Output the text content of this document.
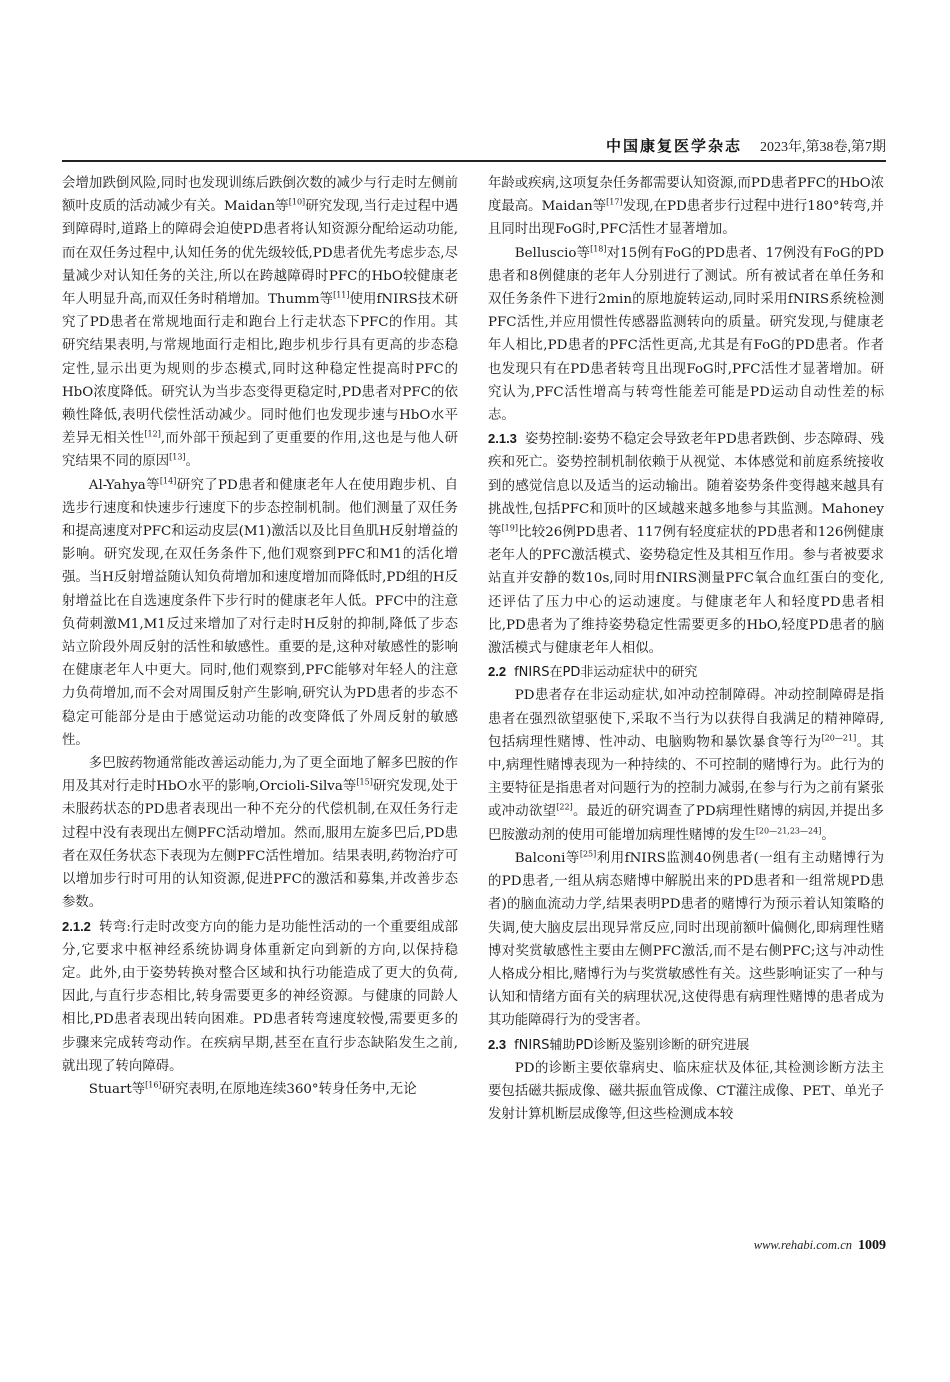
中国康复医学杂志 2023年,第38卷,第7期

会增加跌倒风险,同时也发现训练后跌倒次数的减少与行走时左侧前额叶皮质的活动减少有关。Maidan等[10]研究发现,当行走过程中遇到障碍时,道路上的障碍会迫使PD患者将认知资源分配给运动功能,而在双任务过程中,认知任务的优先级较低,PD患者优先考虑步态,尽量减少对认知任务的关注,所以在跨越障碍时PFC的HbO较健康老年人明显升高,而双任务时稍增加。Thumm等[11]使用fNIRS技术研究了PD患者在常规地面行走和跑台上行走状态下PFC的作用。其研究结果表明,与常规地面行走相比,跑步机步行具有更高的步态稳定性,显示出更为规则的步态模式,同时这种稳定性提高时PFC的HbO浓度降低。研究认为当步态变得更稳定时,PD患者对PFC的依赖性降低,表明代偿性活动减少。同时他们也发现步速与HbO水平差异无相关性[12],而外部干预起到了更重要的作用,这也是与他人研究结果不同的原因[13]。

Al-Yahya等[14]研究了PD患者和健康老年人在使用跑步机、自选步行速度和快速步行速度下的步态控制机制。他们测量了双任务和提高速度对PFC和运动皮层(M1)激活以及比目鱼肌H反射增益的影响。研究发现,在双任务条件下,他们观察到PFC和M1的活化增强。当H反射增益随认知负荷增加和速度增加而降低时,PD组的H反射增益比在自选速度条件下步行时的健康老年人低。PFC中的注意负荷刺激M1,M1反过来增加了对行走时H反射的抑制,降低了步态站立阶段外周反射的活性和敏感性。重要的是,这种对敏感性的影响在健康老年人中更大。同时,他们观察到,PFC能够对年轻人的注意力负荷增加,而不会对周围反射产生影响,研究认为PD患者的步态不稳定可能部分是由于感觉运动功能的改变降低了外周反射的敏感性。

多巴胺药物通常能改善运动能力,为了更全面地了解多巴胺的作用及其对行走时HbO水平的影响,Orcioli-Silva等[15]研究发现,处于未服药状态的PD患者表现出一种不充分的代偿机制,在双任务行走过程中没有表现出左侧PFC活动增加。然而,服用左旋多巴后,PD患者在双任务状态下表现为左侧PFC活性增加。结果表明,药物治疗可以增加步行时可用的认知资源,促进PFC的激活和募集,并改善步态参数。

2.1.2 转弯:行走时改变方向的能力是功能性活动的一个重要组成部分,它要求中枢神经系统协调身体重新定向到新的方向,以保持稳定。此外,由于姿势转换对整合区域和执行功能造成了更大的负荷,因此,与直行步态相比,转身需要更多的神经资源。与健康的同龄人相比,PD患者表现出转向困难。PD患者转弯速度较慢,需要更多的步骤来完成转弯动作。在疾病早期,甚至在直行步态缺陷发生之前,就出现了转向障碍。

Stuart等[16]研究表明,在原地连续360°转身任务中,无论

年龄或疾病,这项复杂任务都需要认知资源,而PD患者PFC的HbO浓度最高。Maidan等[17]发现,在PD患者步行过程中进行180°转弯,并且同时出现FoG时,PFC活性才显著增加。

Belluscio等[18]对15例有FoG的PD患者、17例没有FoG的PD患者和8例健康的老年人分别进行了测试。所有被试者在单任务和双任务条件下进行2min的原地旋转运动,同时采用fNIRS系统检测PFC活性,并应用惯性传感器监测转向的质量。研究发现,与健康老年人相比,PD患者的PFC活性更高,尤其是有FoG的PD患者。作者也发现只有在PD患者转弯且出现FoG时,PFC活性才显著增加。研究认为,PFC活性增高与转弯性能差可能是PD运动自动性差的标志。

2.1.3 姿势控制:姿势不稳定会导致老年PD患者跌倒、步态障碍、残疾和死亡。姿势控制机制依赖于从视觉、本体感觉和前庭系统接收到的感觉信息以及适当的运动输出。随着姿势条件变得越来越具有挑战性,包括PFC和顶叶的区域越来越多地参与其监测。Mahoney等[19]比较26例PD患者、117例有轻度症状的PD患者和126例健康老年人的PFC激活模式、姿势稳定性及其相互作用。参与者被要求站直并安静的数10s,同时用fNIRS测量PFC氧合血红蛋白的变化,还评估了压力中心的运动速度。与健康老年人和轻度PD患者相比,PD患者为了维持姿势稳定性需要更多的HbO,轻度PD患者的脑激活模式与健康老年人相似。

2.2 fNIRS在PD非运动症状中的研究

PD患者存在非运动症状,如冲动控制障碍。冲动控制障碍是指患者在强烈欲望驱使下,采取不当行为以获得自我满足的精神障碍,包括病理性赌博、性冲动、电脑购物和暴饮暴食等行为[20—21]。其中,病理性赌博表现为一种持续的、不可控制的赌博行为。此行为的主要特征是指患者对问题行为的控制力减弱,在参与行为之前有紧张或冲动欲望[22]。最近的研究调查了PD病理性赌博的病因,并提出多巴胺激动剂的使用可能增加病理性赌博的发生[20—21,23—24]。

Balconi等[25]利用fNIRS监测40例患者(一组有主动赌博行为的PD患者,一组从病态赌博中解脱出来的PD患者和一组常规PD患者)的脑血流动力学,结果表明PD患者的赌博行为预示着认知策略的失调,使大脑皮层出现异常反应,同时出现前额叶偏侧化,即病理性赌博对奖赏敏感性主要由左侧PFC激活,而不是右侧PFC;这与冲动性人格成分相比,赌博行为与奖赏敏感性有关。这些影响证实了一种与认知和情绪方面有关的病理状况,这使得患有病理性赌博的患者成为其功能障碍行为的受害者。

2.3 fNIRS辅助PD诊断及鉴别诊断的研究进展

PD的诊断主要依靠病史、临床症状及体征,其检测诊断方法主要包括磁共振成像、磁共振血管成像、CT灌注成像、PET、单光子发射计算机断层成像等,但这些检测成本较

www.rehabi.com.cn 1009
